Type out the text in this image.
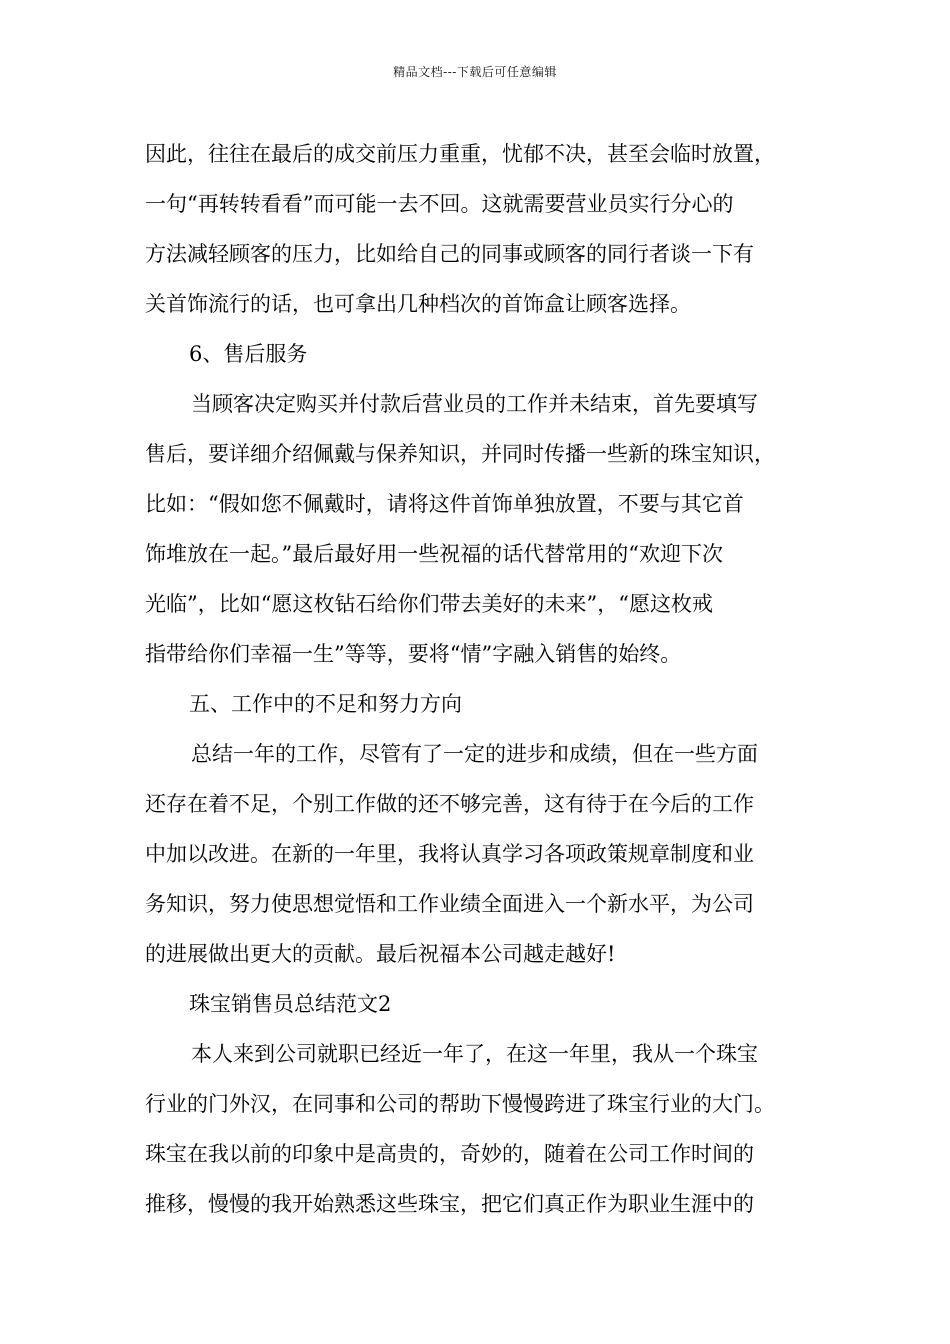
精品文档---下载后可任意编辑
因此，往往在最后的成交前压力重重，忧郁不决，甚至会临时放置，
一句“再转转看看”而可能一去不回。这就需要营业员实行分心的
方法减轻顾客的压力，比如给自己的同事或顾客的同行者谈一下有
关首饰流行的话，也可拿出几种档次的首饰盒让顾客选择。
6、售后服务
当顾客决定购买并付款后营业员的工作并未结束，首先要填写
售后，要详细介绍佩戴与保养知识，并同时传播一些新的珠宝知识，
比如：“假如您不佩戴时，请将这件首饰单独放置，不要与其它首
饰堆放在一起。”最后最好用一些祝福的话代替常用的“欢迎下次
光临”，比如“愿这枚钻石给你们带去美好的未来”，“愿这枚戒
指带给你们幸福一生”等等，要将“情”字融入销售的始终。
五、工作中的不足和努力方向
总结一年的工作，尽管有了一定的进步和成绩，但在一些方面
还存在着不足，个别工作做的还不够完善，这有待于在今后的工作
中加以改进。在新的一年里，我将认真学习各项政策规章制度和业
务知识，努力使思想觉悟和工作业绩全面进入一个新水平，为公司
的进展做出更大的贡献。最后祝福本公司越走越好!
珠宝销售员总结范文2
本人来到公司就职已经近一年了，在这一年里，我从一个珠宝
行业的门外汉，在同事和公司的帮助下慢慢跨进了珠宝行业的大门。
珠宝在我以前的印象中是高贵的，奇妙的，随着在公司工作时间的
推移，慢慢的我开始熟悉这些珠宝，把它们真正作为职业生涯中的
